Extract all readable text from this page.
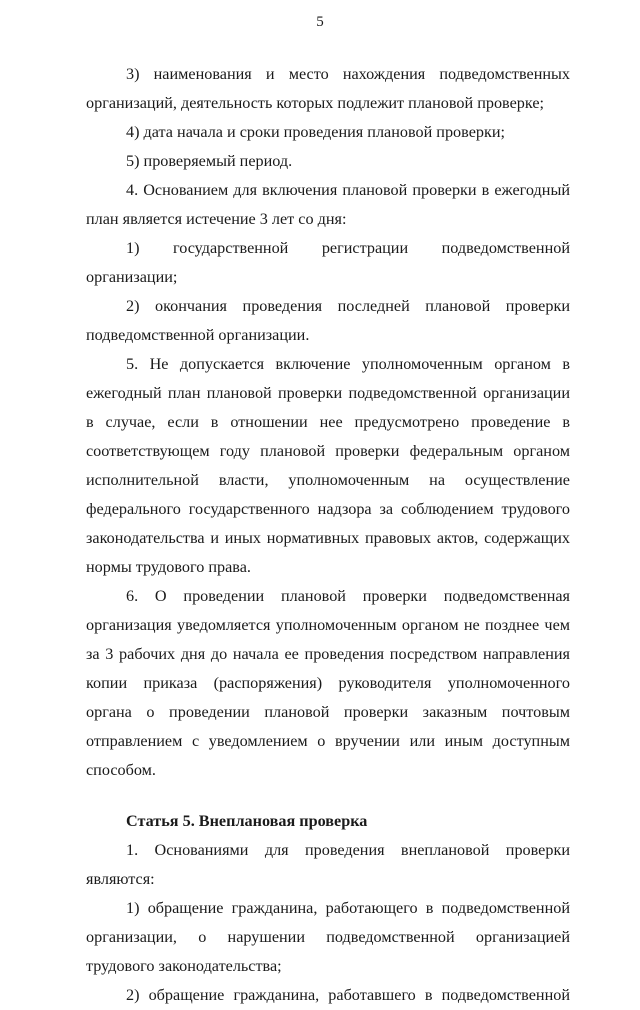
5

3)  наименования  и  место  нахождения  подведомственных организаций, деятельность которых подлежит плановой проверке;

4) дата начала и сроки проведения плановой проверки;

5) проверяемый период.

4. Основанием для включения плановой проверки в ежегодный план является истечение 3 лет со дня:

1) государственной регистрации подведомственной организации;

2) окончания проведения последней плановой проверки подведомственной организации.

5. Не допускается включение уполномоченным органом в ежегодный план плановой проверки подведомственной организации в случае, если в отношении нее предусмотрено проведение в соответствующем году плановой проверки федеральным органом исполнительной власти, уполномоченным на осуществление федерального государственного надзора за соблюдением трудового законодательства и иных нормативных правовых актов, содержащих нормы трудового права.

6. О проведении плановой проверки подведомственная организация уведомляется уполномоченным органом не позднее чем за 3 рабочих дня до начала ее проведения посредством направления копии приказа (распоряжения) руководителя уполномоченного органа о проведении плановой проверки заказным почтовым отправлением с уведомлением о вручении или иным доступным способом.

Статья 5. Внеплановая проверка

1. Основаниями для проведения внеплановой проверки являются:

1) обращение гражданина, работающего в подведомственной организации, о нарушении подведомственной организацией трудового законодательства;

2) обращение гражданина, работавшего в подведомственной
